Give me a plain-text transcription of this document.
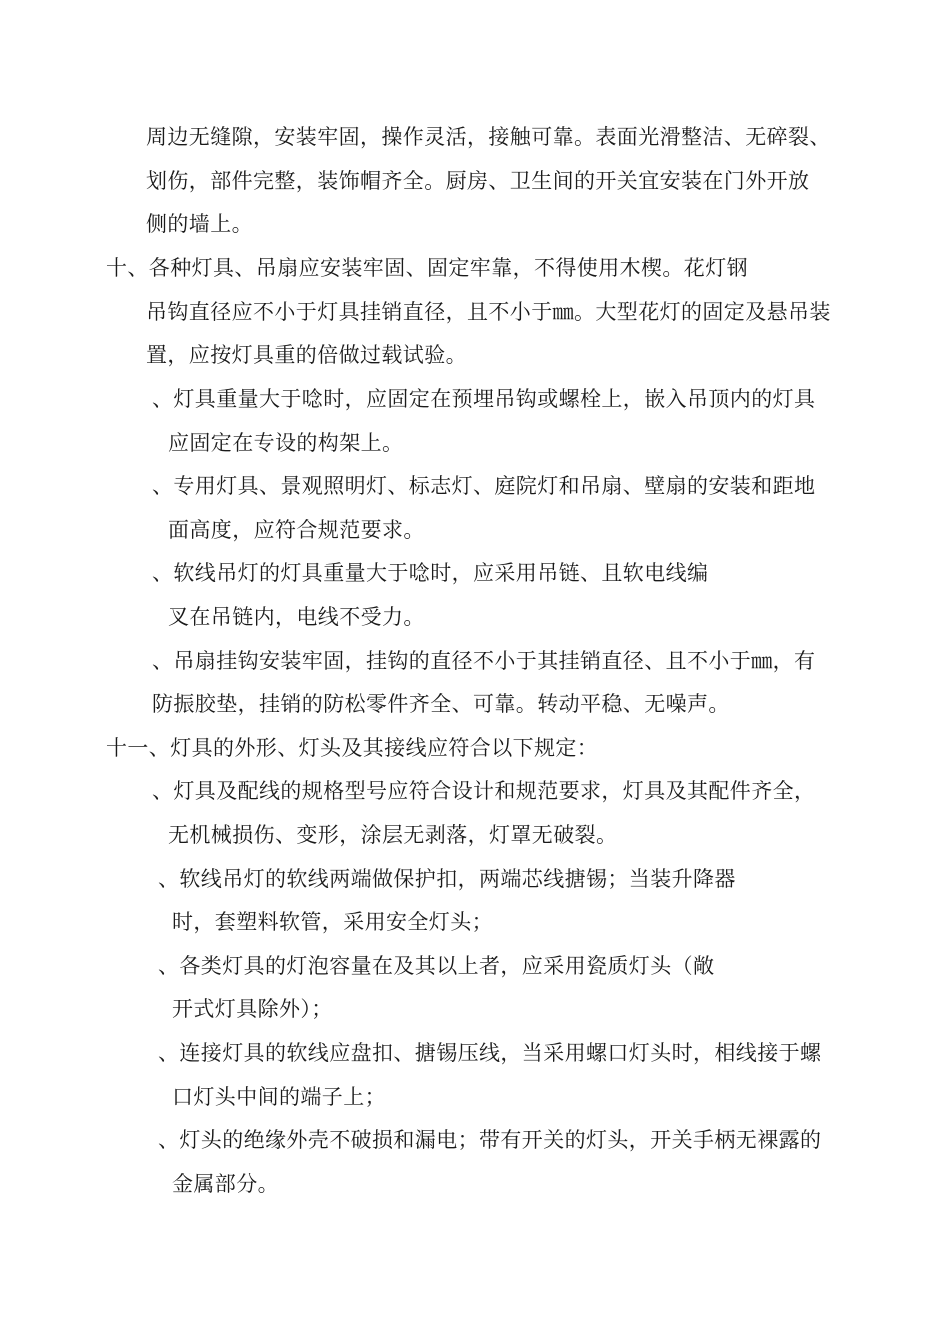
周边无缝隙，安装牢固，操作灵活，接触可靠。表面光滑整洁、无碎裂、
划伤，部件完整，装饰帽齐全。厨房、卫生间的开关宜安装在门外开放
侧的墙上。
十、各种灯具、吊扇应安装牢固、固定牢靠，不得使用木楔。花灯钢
吊钩直径应不小于灯具挂销直径，且不小于㎜。大型花灯的固定及悬吊装
置，应按灯具重的倍做过载试验。
、灯具重量大于唸时，应固定在预埋吊钩或螺栓上，嵌入吊顶内的灯具
应固定在专设的构架上。
、专用灯具、景观照明灯、标志灯、庭院灯和吊扇、壁扇的安装和距地
面高度，应符合规范要求。
、软线吊灯的灯具重量大于唸时，应采用吊链、且软电线编
叉在吊链内，电线不受力。
、吊扇挂钩安装牢固，挂钩的直径不小于其挂销直径、且不小于㎜，有
防振胶垫，挂销的防松零件齐全、可靠。转动平稳、无噪声。
十一、灯具的外形、灯头及其接线应符合以下规定：
、灯具及配线的规格型号应符合设计和规范要求，灯具及其配件齐全，
无机械损伤、变形，涂层无剥落，灯罩无破裂。
、软线吊灯的软线两端做保护扣，两端芯线搪锡；当装升降器
时，套塑料软管，采用安全灯头；
、各类灯具的灯泡容量在及其以上者，应采用瓷质灯头（敞
开式灯具除外）；
、连接灯具的软线应盘扣、搪锡压线，当采用螺口灯头时，相线接于螺
口灯头中间的端子上；
、灯头的绝缘外壳不破损和漏电；带有开关的灯头，开关手柄无裸露的
金属部分。
